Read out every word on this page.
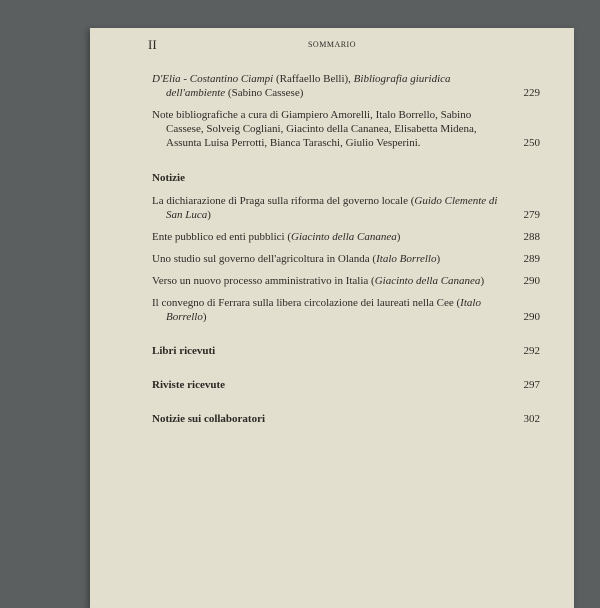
II	SOMMARIO
D'Elia - Costantino Ciampi (Raffaello Belli), Bibliografia giuridica dell'ambiente (Sabino Cassese)	229
Note bibliografiche a cura di Giampiero Amorelli, Italo Borrello, Sabino Cassese, Solveig Cogliani, Giacinto della Cananea, Elisabetta Midena, Assunta Luisa Perrotti, Bianca Taraschi, Giulio Vesperini.	250
Notizie
La dichiarazione di Praga sulla riforma del governo locale (Guido Clemente di San Luca)	279
Ente pubblico ed enti pubblici (Giacinto della Cananea)	288
Uno studio sul governo dell'agricoltura in Olanda (Italo Borrello)	289
Verso un nuovo processo amministrativo in Italia (Giacinto della Cananea)	290
Il convegno di Ferrara sulla libera circolazione dei laureati nella Cee (Italo Borrello)	290
Libri ricevuti	292
Riviste ricevute	297
Notizie sui collaboratori	302
